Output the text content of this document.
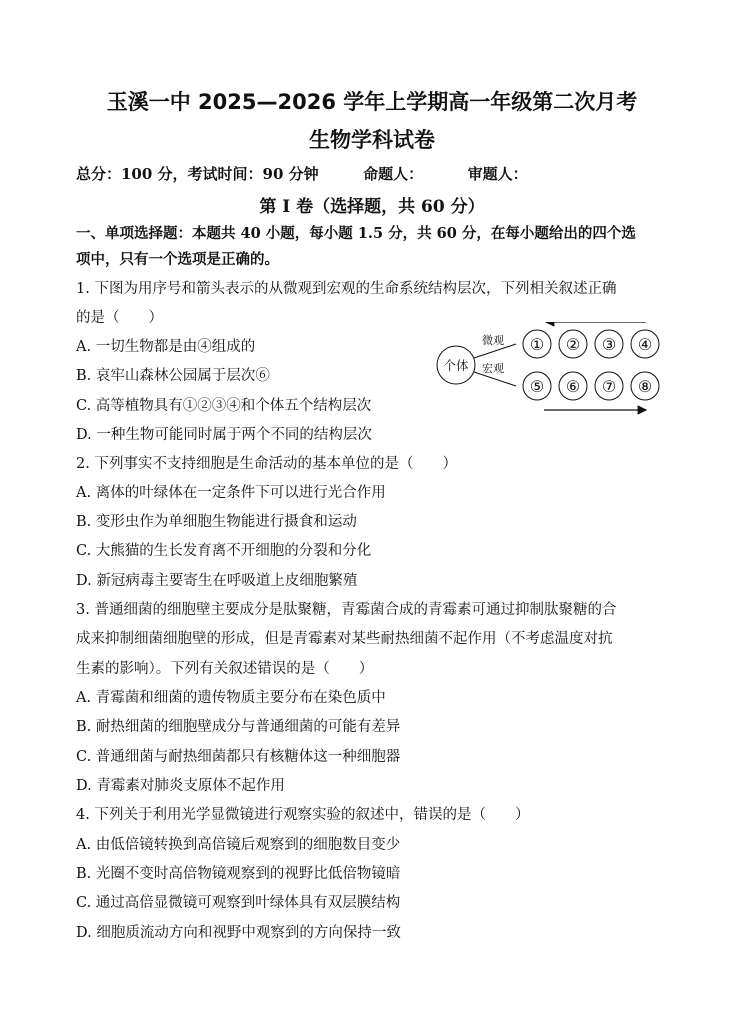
玉溪一中 2025—2026 学年上学期高一年级第二次月考
生物学科试卷
总分：100 分，考试时间：90 分钟	命题人：	审题人：
第 I 卷（选择题，共 60 分）
一、单项选择题：本题共 40 小题，每小题 1.5 分，共 60 分，在每小题给出的四个选
项中，只有一个选项是正确的。
1. 下图为用序号和箭头表示的从微观到宏观的生命系统结构层次，下列相关叙述正确
的是（　　）
A. 一切生物都是由④组成的
B. 哀牢山森林公园属于层次⑥
C. 高等植物具有①②③④和个体五个结构层次
D. 一种生物可能同时属于两个不同的结构层次
个体
微观
宏观
① ② ③ ④
⑤ ⑥ ⑦ ⑧
2. 下列事实不支持细胞是生命活动的基本单位的是（　　）
A. 离体的叶绿体在一定条件下可以进行光合作用
B. 变形虫作为单细胞生物能进行摄食和运动
C. 大熊猫的生长发育离不开细胞的分裂和分化
D. 新冠病毒主要寄生在呼吸道上皮细胞繁殖
3. 普通细菌的细胞壁主要成分是肽聚糖，青霉菌合成的青霉素可通过抑制肽聚糖的合
成来抑制细菌细胞壁的形成，但是青霉素对某些耐热细菌不起作用（不考虑温度对抗
生素的影响）。下列有关叙述错误的是（　　）
A. 青霉菌和细菌的遗传物质主要分布在染色质中
B. 耐热细菌的细胞壁成分与普通细菌的可能有差异
C. 普通细菌与耐热细菌都只有核糖体这一种细胞器
D. 青霉素对肺炎支原体不起作用
4. 下列关于利用光学显微镜进行观察实验的叙述中，错误的是（　　）
A. 由低倍镜转换到高倍镜后观察到的细胞数目变少
B. 光圈不变时高倍物镜观察到的视野比低倍物镜暗
C. 通过高倍显微镜可观察到叶绿体具有双层膜结构
D. 细胞质流动方向和视野中观察到的方向保持一致
